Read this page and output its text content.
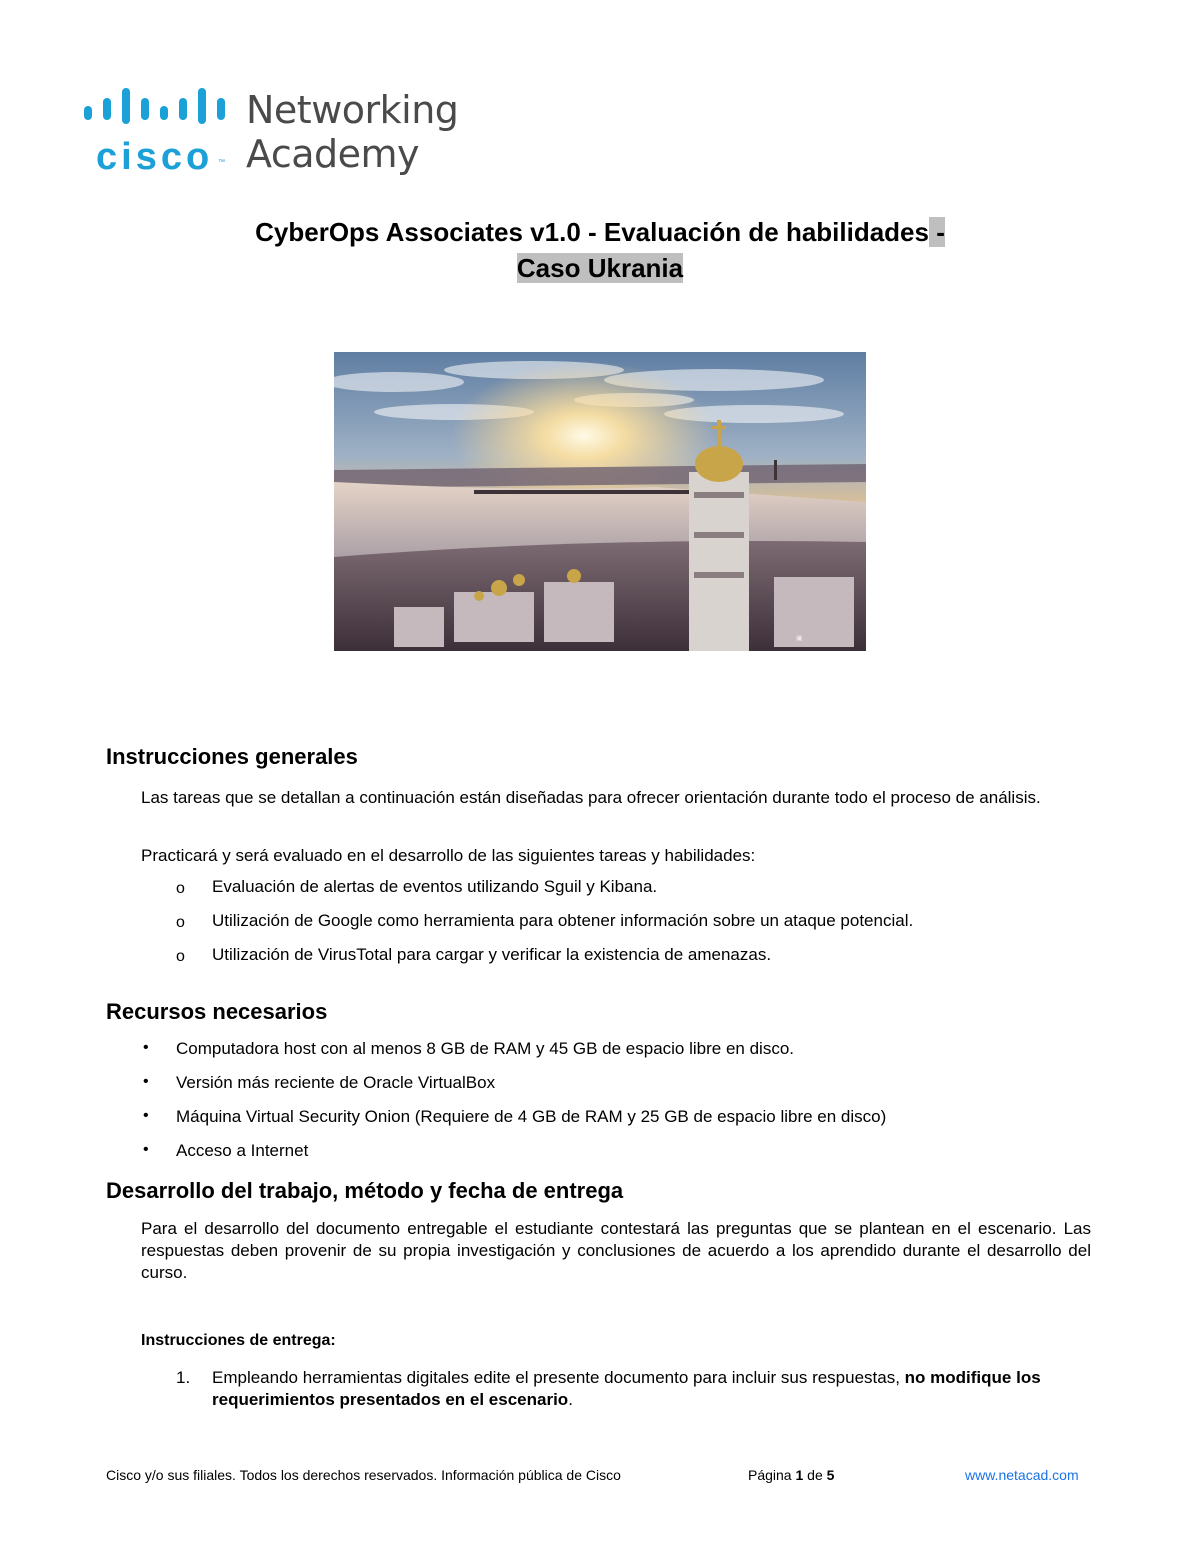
cisco ™
Networking
Academy
CyberOps Associates v1.0 - Evaluación de habilidades -
Caso Ukrania
▣
Instrucciones generales
Las tareas que se detallan a continuación están diseñadas para ofrecer orientación durante todo el proceso de análisis.
Practicará y será evaluado en el desarrollo de las siguientes tareas y habilidades:
o Evaluación de alertas de eventos utilizando Sguil y Kibana.
o Utilización de Google como herramienta para obtener información sobre un ataque potencial.
o Utilización de VirusTotal para cargar y verificar la existencia de amenazas.
Recursos necesarios
• Computadora host con al menos 8 GB de RAM y 45 GB de espacio libre en disco.
• Versión más reciente de Oracle VirtualBox
• Máquina Virtual Security Onion (Requiere de 4 GB de RAM y 25 GB de espacio libre en disco)
• Acceso a Internet
Desarrollo del trabajo, método y fecha de entrega
Para el desarrollo del documento entregable el estudiante contestará las preguntas que se plantean en el escenario. Las respuestas deben provenir de su propia investigación y conclusiones de acuerdo a los aprendido durante el desarrollo del curso.
Instrucciones de entrega:
1. Empleando herramientas digitales edite el presente documento para incluir sus respuestas, no modifique los requerimientos presentados en el escenario.
Cisco y/o sus filiales. Todos los derechos reservados. Información pública de Cisco	Página 1 de 5	www.netacad.com
